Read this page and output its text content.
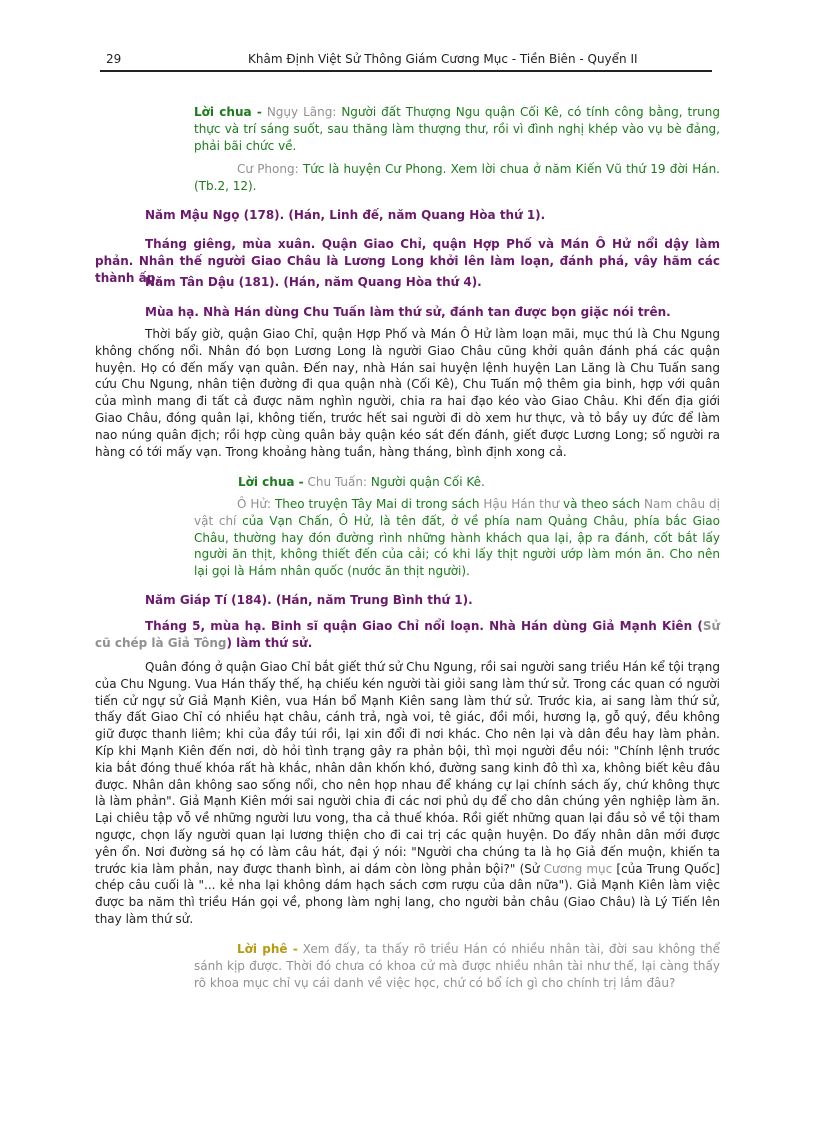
29	Khâm Định Việt Sử Thông Giám Cương Mục - Tiền Biên - Quyển II

Lời chua - Ngụy Lãng: Người đất Thượng Ngu quận Cối Kê, có tính công bằng, trung thực và trí sáng suốt, sau thăng làm thượng thư, rồi vì đình nghị khép vào vụ bè đảng, phải bãi chức về.

Cư Phong: Tức là huyện Cư Phong. Xem lời chua ở năm Kiến Vũ thứ 19 đời Hán. (Tb.2, 12).

Năm Mậu Ngọ (178). (Hán, Linh đế, năm Quang Hòa thứ 1).

Tháng giêng, mùa xuân. Quận Giao Chỉ, quận Hợp Phố và Mán Ô Hử nổi dậy làm phản. Nhân thế người Giao Châu là Lương Long khởi lên làm loạn, đánh phá, vây hãm các thành ấp.

Năm Tân Dậu (181). (Hán, năm Quang Hòa thứ 4).

Mùa hạ. Nhà Hán dùng Chu Tuấn làm thứ sử, đánh tan được bọn giặc nói trên.

Thời bấy giờ, quận Giao Chỉ, quận Hợp Phố và Mán Ô Hử làm loạn mãi, mục thú là Chu Ngung không chống nổi. Nhân đó bọn Lương Long là người Giao Châu cũng khởi quân đánh phá các quận huyện. Họ có đến mấy vạn quân. Đến nay, nhà Hán sai huyện lệnh huyện Lan Lăng là Chu Tuấn sang cứu Chu Ngung, nhân tiện đường đi qua quận nhà (Cối Kê), Chu Tuấn mộ thêm gia binh, hợp với quân của mình mang đi tất cả được năm nghìn người, chia ra hai đạo kéo vào Giao Châu. Khi đến địa giới Giao Châu, đóng quân lại, không tiến, trước hết sai người đi dò xem hư thực, và tỏ bầy uy đức để làm nao núng quân địch; rồi hợp cùng quân bảy quận kéo sát đến đánh, giết được Lương Long; số người ra hàng có tới mấy vạn. Trong khoảng hàng tuần, hàng tháng, bình định xong cả.

Lời chua - Chu Tuấn: Người quận Cối Kê.

Ô Hử: Theo truyện Tây Mai di trong sách Hậu Hán thư và theo sách Nam châu dị vật chí của Vạn Chấn, Ô Hử, là tên đất, ở về phía nam Quảng Châu, phía bắc Giao Châu, thường hay đón đường rình những hành khách qua lại, ập ra đánh, cốt bắt lấy người ăn thịt, không thiết đến của cải; có khi lấy thịt người ướp làm món ăn. Cho nên lại gọi là Hám nhân quốc (nước ăn thịt người).

Năm Giáp Tí (184). (Hán, năm Trung Bình thứ 1).

Tháng 5, mùa hạ. Binh sĩ quận Giao Chỉ nổi loạn. Nhà Hán dùng Giả Mạnh Kiên (Sử cũ chép là Giả Tông) làm thứ sử.

Quân đóng ở quận Giao Chỉ bắt giết thứ sử Chu Ngung, rồi sai người sang triều Hán kể tội trạng của Chu Ngung. Vua Hán thấy thế, hạ chiếu kén người tài giỏi sang làm thứ sử. Trong các quan có người tiến cử ngự sử Giả Mạnh Kiên, vua Hán bổ Mạnh Kiên sang làm thứ sử. Trước kia, ai sang làm thứ sử, thấy đất Giao Chỉ có nhiều hạt châu, cánh trả, ngà voi, tê giác, đồi mồi, hương lạ, gỗ quý, đều không giữ được thanh liêm; khi của đầy túi rồi, lại xin đổi đi nơi khác. Cho nên lại và dân đều hay làm phản. Kíp khi Mạnh Kiên đến nơi, dò hỏi tình trạng gây ra phản bội, thì mọi người đều nói: "Chính lệnh trước kia bắt đóng thuế khóa rất hà khắc, nhân dân khốn khó, đường sang kinh đô thì xa, không biết kêu đâu được. Nhân dân không sao sống nổi, cho nên họp nhau để kháng cự lại chính sách ấy, chứ không thực là làm phản". Giả Mạnh Kiên mới sai người chia đi các nơi phủ dụ để cho dân chúng yên nghiệp làm ăn. Lại chiêu tập vỗ về những người lưu vong, tha cả thuế khóa. Rồi giết những quan lại đầu sỏ về tội tham ngược, chọn lấy người quan lại lương thiện cho đi cai trị các quận huyện. Do đấy nhân dân mới được yên ổn. Nơi đường sá họ có làm câu hát, đại ý nói: "Người cha chúng ta là họ Giả đến muộn, khiến ta trước kia làm phản, nay được thanh bình, ai dám còn lòng phản bội?" (Sử Cương mục [của Trung Quốc] chép câu cuối là "... kẻ nha lại không dám hạch sách cơm rượu của dân nữa"). Giả Mạnh Kiên làm việc được ba năm thì triều Hán gọi về, phong làm nghị lang, cho người bản châu (Giao Châu) là Lý Tiến lên thay làm thứ sử.

Lời phê - Xem đấy, ta thấy rõ triều Hán có nhiều nhân tài, đời sau không thể sánh kịp được. Thời đó chưa có khoa cử mà được nhiều nhân tài như thế, lại càng thấy rõ khoa mục chỉ vụ cái danh về việc học, chứ có bổ ích gì cho chính trị lắm đâu?
